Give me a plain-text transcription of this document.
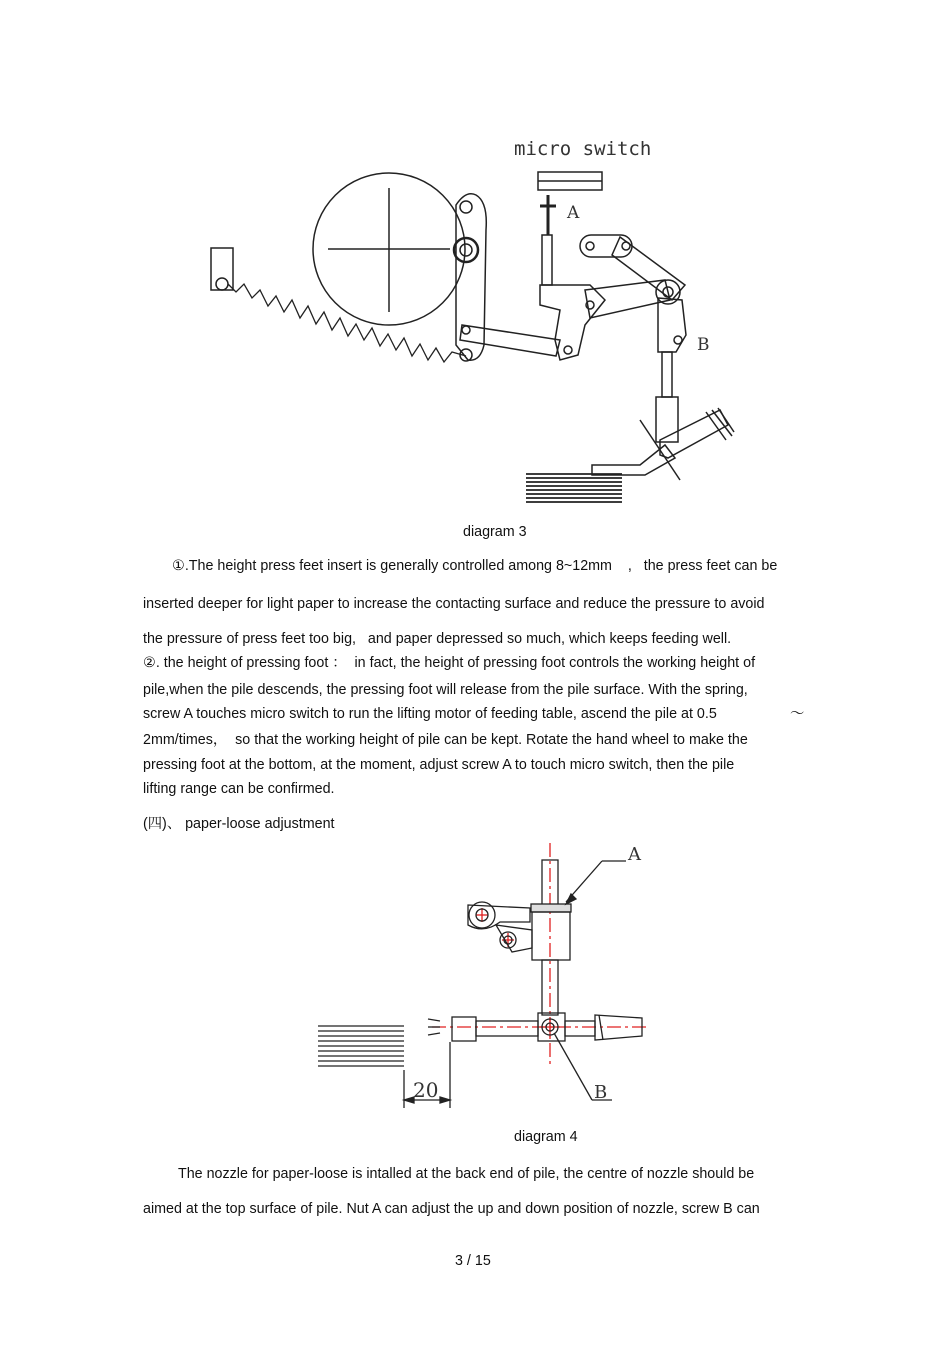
micro switch
A
B
diagram 3
①.The height press feet insert is generally controlled among 8~12mm    ,   the press feet can be
inserted deeper for light paper to increase the contacting surface and reduce the pressure to avoid
the pressure of press feet too big,   and paper depressed so much, which keeps feeding well.
②. the height of pressing foot ：  in fact, the height of pressing foot controls the working height of
pile,when the pile descends, the pressing foot will release from the pile surface. With the spring,
screw A touches micro switch to run the lifting motor of feeding table, ascend the pile at 0.5	～
2mm/times，  so that the working height of pile can be kept. Rotate the hand wheel to make the
pressing foot at the bottom, at the moment, adjust screw A to touch micro switch, then the pile
lifting range can be confirmed.
(四)、 paper-loose adjustment
A
B
20
diagram 4
The nozzle for paper-loose is intalled at the back end of pile, the centre of nozzle should be
aimed at the top surface of pile. Nut A can adjust the up and down position of nozzle, screw B can
3 / 15
